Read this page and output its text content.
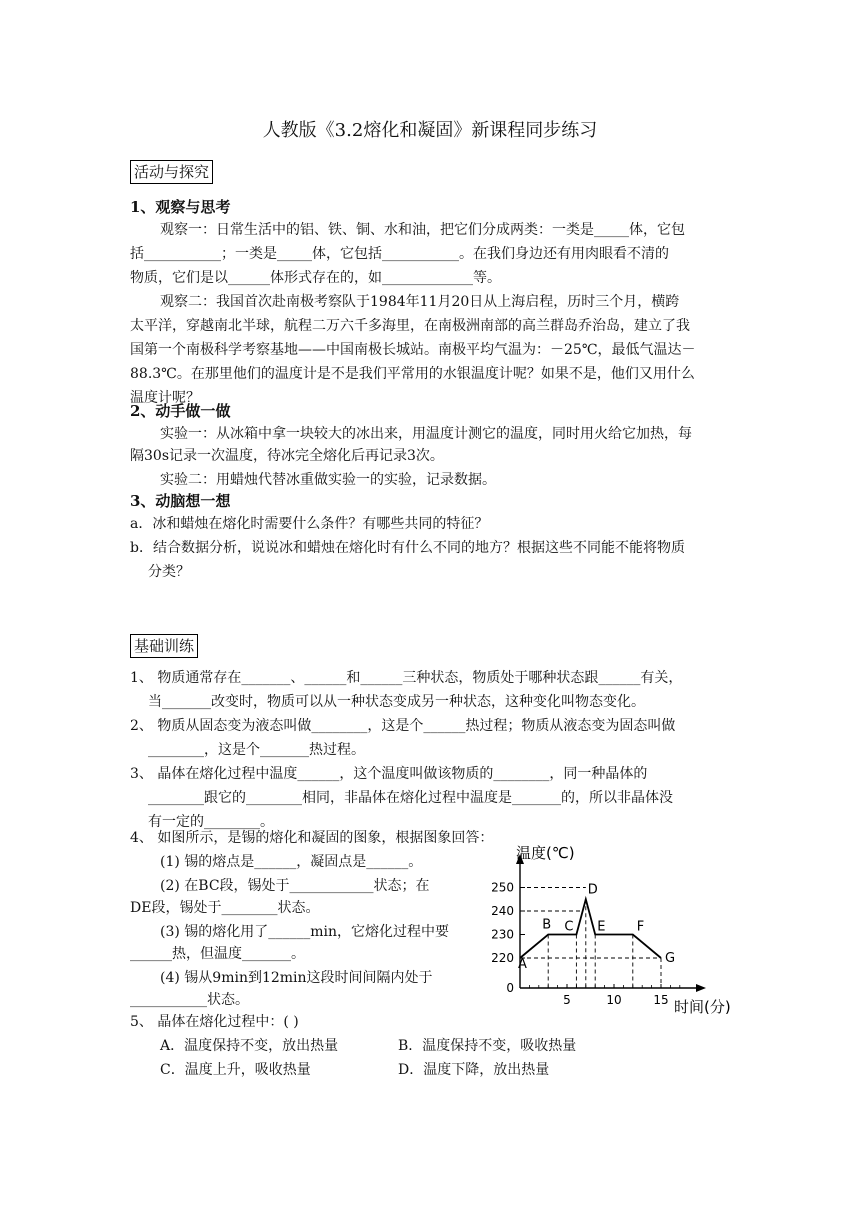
人教版《3.2熔化和凝固》新课程同步练习
活动与探究
1、观察与思考
观察一：日常生活中的铝、铁、铜、水和油，把它们分成两类：一类是_____体，它包
括___________；一类是_____体，它包括___________。在我们身边还有用肉眼看不清的
物质，它们是以______体形式存在的，如_____________等。
观察二：我国首次赴南极考察队于1984年11月20日从上海启程，历时三个月，横跨
太平洋，穿越南北半球，航程二万六千多海里，在南极洲南部的高兰群岛乔治岛，建立了我
国第一个南极科学考察基地——中国南极长城站。南极平均气温为：－25℃，最低气温达－
88.3℃。在那里他们的温度计是不是我们平常用的水银温度计呢？如果不是，他们又用什么
温度计呢？
2、动手做一做
实验一：从冰箱中拿一块较大的冰出来，用温度计测它的温度，同时用火给它加热，每
隔30s记录一次温度，待冰完全熔化后再记录3次。
实验二：用蜡烛代替冰重做实验一的实验，记录数据。
3、动脑想一想
a．冰和蜡烛在熔化时需要什么条件？有哪些共同的特征？
b．结合数据分析，说说冰和蜡烛在熔化时有什么不同的地方？根据这些不同能不能将物质
分类？
基础训练
1、 物质通常存在_______、______和______三种状态，物质处于哪种状态跟______有关，
当_______改变时，物质可以从一种状态变成另一种状态，这种变化叫物态变化。
2、 物质从固态变为液态叫做________，这是个______热过程；物质从液态变为固态叫做
________，这是个_______热过程。
3、 晶体在熔化过程中温度______，这个温度叫做该物质的________，同一种晶体的
________跟它的________相同，非晶体在熔化过程中温度是_______的，所以非晶体没
有一定的________。
4、 如图所示，是锡的熔化和凝固的图象，根据图象回答：
(1) 锡的熔点是______，凝固点是______。
(2) 在BC段，锡处于____________状态；在
DE段，锡处于________状态。
(3) 锡的熔化用了______min，它熔化过程中要
______热，但温度_______。
(4) 锡从9min到12min这段时间间隔内处于
___________状态。
5、 晶体在熔化过程中：( )
A．温度保持不变，放出热量	B．温度保持不变，吸收热量
C．温度上升，吸收热量	D．温度下降，放出热量
温度(℃)
时间(分)
0
220
230
240
250
5	10	15
A
B C
D
E F
G
